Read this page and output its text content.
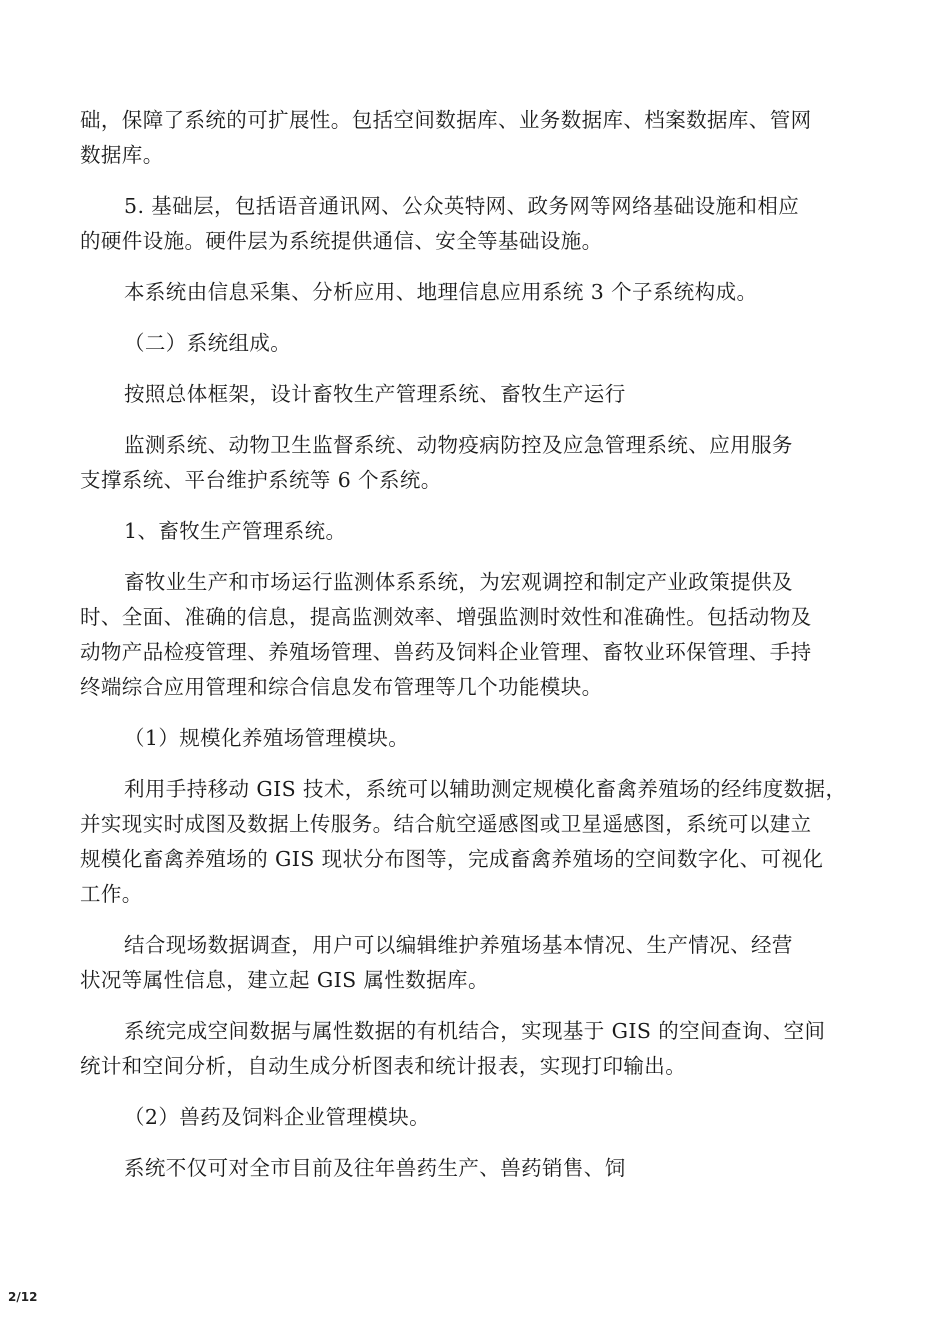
础，保障了系统的可扩展性。包括空间数据库、业务数据库、档案数据库、管网
数据库。

5. 基础层，包括语音通讯网、公众英特网、政务网等网络基础设施和相应
的硬件设施。硬件层为系统提供通信、安全等基础设施。

本系统由信息采集、分析应用、地理信息应用系统 3 个子系统构成。

（二）系统组成。

按照总体框架，设计畜牧生产管理系统、畜牧生产运行

监测系统、动物卫生监督系统、动物疫病防控及应急管理系统、应用服务
支撑系统、平台维护系统等 6 个系统。

1、畜牧生产管理系统。

畜牧业生产和市场运行监测体系系统，为宏观调控和制定产业政策提供及
时、全面、准确的信息，提高监测效率、增强监测时效性和准确性。包括动物及
动物产品检疫管理、养殖场管理、兽药及饲料企业管理、畜牧业环保管理、手持
终端综合应用管理和综合信息发布管理等几个功能模块。

（1）规模化养殖场管理模块。

利用手持移动 GIS 技术，系统可以辅助测定规模化畜禽养殖场的经纬度数据，
并实现实时成图及数据上传服务。结合航空遥感图或卫星遥感图，系统可以建立
规模化畜禽养殖场的 GIS 现状分布图等，完成畜禽养殖场的空间数字化、可视化
工作。

结合现场数据调查，用户可以编辑维护养殖场基本情况、生产情况、经营
状况等属性信息，建立起 GIS 属性数据库。

系统完成空间数据与属性数据的有机结合，实现基于 GIS 的空间查询、空间
统计和空间分析，自动生成分析图表和统计报表，实现打印输出。

（2）兽药及饲料企业管理模块。

系统不仅可对全市目前及往年兽药生产、兽药销售、饲

2/12
